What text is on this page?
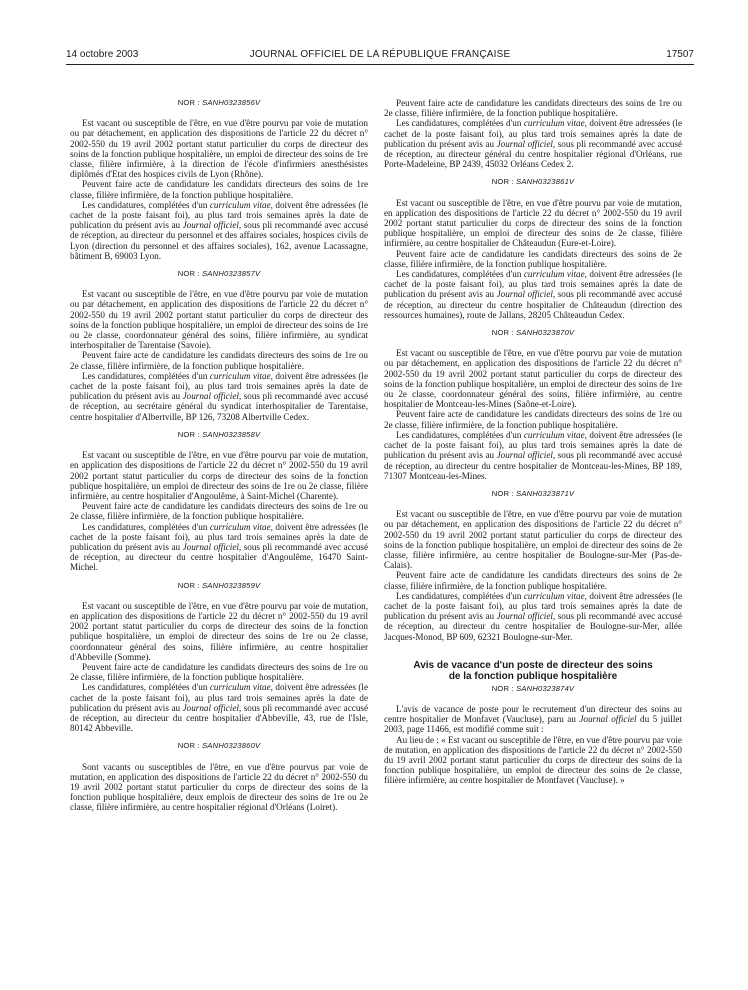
14 octobre 2003	JOURNAL OFFICIEL DE LA RÉPUBLIQUE FRANÇAISE	17507
NOR : SANH0323856V

Est vacant ou susceptible de l'être, en vue d'être pourvu par voie de mutation ou par détachement, en application des dispositions de l'article 22 du décret n° 2002-550 du 19 avril 2002 portant statut particulier du corps de directeur des soins de la fonction publique hospitalière, un emploi de directeur des soins de 1re classe, filière infirmière, à la direction de l'école d'infirmiers anesthésistes diplômés d'Etat des hospices civils de Lyon (Rhône).

Peuvent faire acte de candidature les candidats directeurs des soins de 1re classe, filière infirmière, de la fonction publique hospitalière.

Les candidatures, complétées d'un curriculum vitae, doivent être adressées (le cachet de la poste faisant foi), au plus tard trois semaines après la date de publication du présent avis au Journal officiel, sous pli recommandé avec accusé de réception, au directeur du personnel et des affaires sociales, hospices civils de Lyon (direction du personnel et des affaires sociales), 162, avenue Lacassagne, bâtiment B, 69003 Lyon.

NOR : SANH0323857V

Est vacant ou susceptible de l'être, en vue d'être pourvu par voie de mutation ou par détachement, en application des dispositions de l'article 22 du décret n° 2002-550 du 19 avril 2002 portant statut particulier du corps de directeur des soins de la fonction publique hospitalière, un emploi de directeur des soins de 1re ou 2e classe, coordonnateur général des soins, filière infirmière, au syndicat interhospitalier de Tarentaise (Savoie).

Peuvent faire acte de candidature les candidats directeurs des soins de 1re ou 2e classe, filière infirmière, de la fonction publique hospitalière.

Les candidatures, complétées d'un curriculum vitae, doivent être adressées (le cachet de la poste faisant foi), au plus tard trois semaines après la date de publication du présent avis au Journal officiel, sous pli recommandé avec accusé de réception, au secrétaire général du syndicat interhospitalier de Tarentaise, centre hospitalier d'Albertville, BP 126, 73208 Albertville Cedex.

NOR : SANH0323858V

Est vacant ou susceptible de l'être, en vue d'être pourvu par voie de mutation, en application des dispositions de l'article 22 du décret n° 2002-550 du 19 avril 2002 portant statut particulier du corps de directeur des soins de la fonction publique hospitalière, un emploi de directeur des soins de 1re ou 2e classe, filière infirmière, au centre hospitalier d'Angoulême, à Saint-Michel (Charente).

Peuvent faire acte de candidature les candidats directeurs des soins de 1re ou 2e classe, filière infirmière, de la fonction publique hospitalière.

Les candidatures, complétées d'un curriculum vitae, doivent être adressées (le cachet de la poste faisant foi), au plus tard trois semaines après la date de publication du présent avis au Journal officiel, sous pli recommandé avec accusé de réception, au directeur du centre hospitalier d'Angoulême, 16470 Saint-Michel.

NOR : SANH0323859V

Est vacant ou susceptible de l'être, en vue d'être pourvu par voie de mutation, en application des dispositions de l'article 22 du décret n° 2002-550 du 19 avril 2002 portant statut particulier du corps de directeur des soins de la fonction publique hospitalière, un emploi de directeur des soins de 1re ou 2e classe, coordonnateur général des soins, filière infirmière, au centre hospitalier d'Abbeville (Somme).

Peuvent faire acte de candidature les candidats directeurs des soins de 1re ou 2e classe, filière infirmière, de la fonction publique hospitalière.

Les candidatures, complétées d'un curriculum vitae, doivent être adressées (le cachet de la poste faisant foi), au plus tard trois semaines après la date de publication du présent avis au Journal officiel, sous pli recommandé avec accusé de réception, au directeur du centre hospitalier d'Abbeville, 43, rue de l'Isle, 80142 Abbeville.

NOR : SANH0323860V

Sont vacants ou susceptibles de l'être, en vue d'être pourvus par voie de mutation, en application des dispositions de l'article 22 du décret n° 2002-550 du 19 avril 2002 portant statut particulier du corps de directeur des soins de la fonction publique hospitalière, deux emplois de directeur des soins de 1re ou 2e classe, filière infirmière, au centre hospitalier régional d'Orléans (Loiret).

Peuvent faire acte de candidature les candidats directeurs des soins de 1re ou 2e classe, filière infirmière, de la fonction publique hospitalière.

Les candidatures, complétées d'un curriculum vitae, doivent être adressées (le cachet de la poste faisant foi), au plus tard trois semaines après la date de publication du présent avis au Journal officiel, sous pli recommandé avec accusé de réception, au directeur général du centre hospitalier régional d'Orléans, rue Porte-Madeleine, BP 2439, 45032 Orléans Cedex 2.

NOR : SANH0323861V

Est vacant ou susceptible de l'être, en vue d'être pourvu par voie de mutation, en application des dispositions de l'article 22 du décret n° 2002-550 du 19 avril 2002 portant statut particulier du corps de directeur des soins de la fonction publique hospitalière, un emploi de directeur des soins de 2e classe, filière infirmière, au centre hospitalier de Châteaudun (Eure-et-Loire).

Peuvent faire acte de candidature les candidats directeurs des soins de 2e classe, filière infirmière, de la fonction publique hospitalière.

Les candidatures, complétées d'un curriculum vitae, doivent être adressées (le cachet de la poste faisant foi), au plus tard trois semaines après la date de publication du présent avis au Journal officiel, sous pli recommandé avec accusé de réception, au directeur du centre hospitalier de Châteaudun (direction des ressources humaines), route de Jallans, 28205 Châteaudun Cedex.

NOR : SANH0323870V

Est vacant ou susceptible de l'être, en vue d'être pourvu par voie de mutation ou par détachement, en application des dispositions de l'article 22 du décret n° 2002-550 du 19 avril 2002 portant statut particulier du corps de directeur des soins de la fonction publique hospitalière, un emploi de directeur des soins de 1re ou 2e classe, coordonnateur général des soins, filière infirmière, au centre hospitalier de Montceau-les-Mines (Saône-et-Loire).

Peuvent faire acte de candidature les candidats directeurs des soins de 1re ou 2e classe, filière infirmière, de la fonction publique hospitalière.

Les candidatures, complétées d'un curriculum vitae, doivent être adressées (le cachet de la poste faisant foi), au plus tard trois semaines après la date de publication du présent avis au Journal officiel, sous pli recommandé avec accusé de réception, au directeur du centre hospitalier de Montceau-les-Mines, BP 189, 71307 Montceau-les-Mines.

NOR : SANH0323871V

Est vacant ou susceptible de l'être, en vue d'être pourvu par voie de mutation ou par détachement, en application des dispositions de l'article 22 du décret n° 2002-550 du 19 avril 2002 portant statut particulier du corps de directeur des soins de la fonction publique hospitalière, un emploi de directeur des soins de 2e classe, filière infirmière, au centre hospitalier de Boulogne-sur-Mer (Pas-de-Calais).

Peuvent faire acte de candidature les candidats directeurs des soins de 2e classe, filière infirmière, de la fonction publique hospitalière.

Les candidatures, complétées d'un curriculum vitae, doivent être adressées (le cachet de la poste faisant foi), au plus tard trois semaines après la date de publication du présent avis au Journal officiel, sous pli recommandé avec accusé de réception, au directeur du centre hospitalier de Boulogne-sur-Mer, allée Jacques-Monod, BP 609, 62321 Boulogne-sur-Mer.

Avis de vacance d'un poste de directeur des soins
de la fonction publique hospitalière
NOR : SANH0323874V

L'avis de vacance de poste pour le recrutement d'un directeur des soins au centre hospitalier de Monfavet (Vaucluse), paru au Journal officiel du 5 juillet 2003, page 11466, est modifié comme suit :

Au lieu de : « Est vacant ou susceptible de l'être, en vue d'être pourvu par voie de mutation, en application des dispositions de l'article 22 du décret n° 2002-550 du 19 avril 2002 portant statut particulier du corps de directeur des soins de la fonction publique hospitalière, un emploi de directeur des soins de 2e classe, filière infirmière, au centre hospitalier de Montfavet (Vaucluse). »
